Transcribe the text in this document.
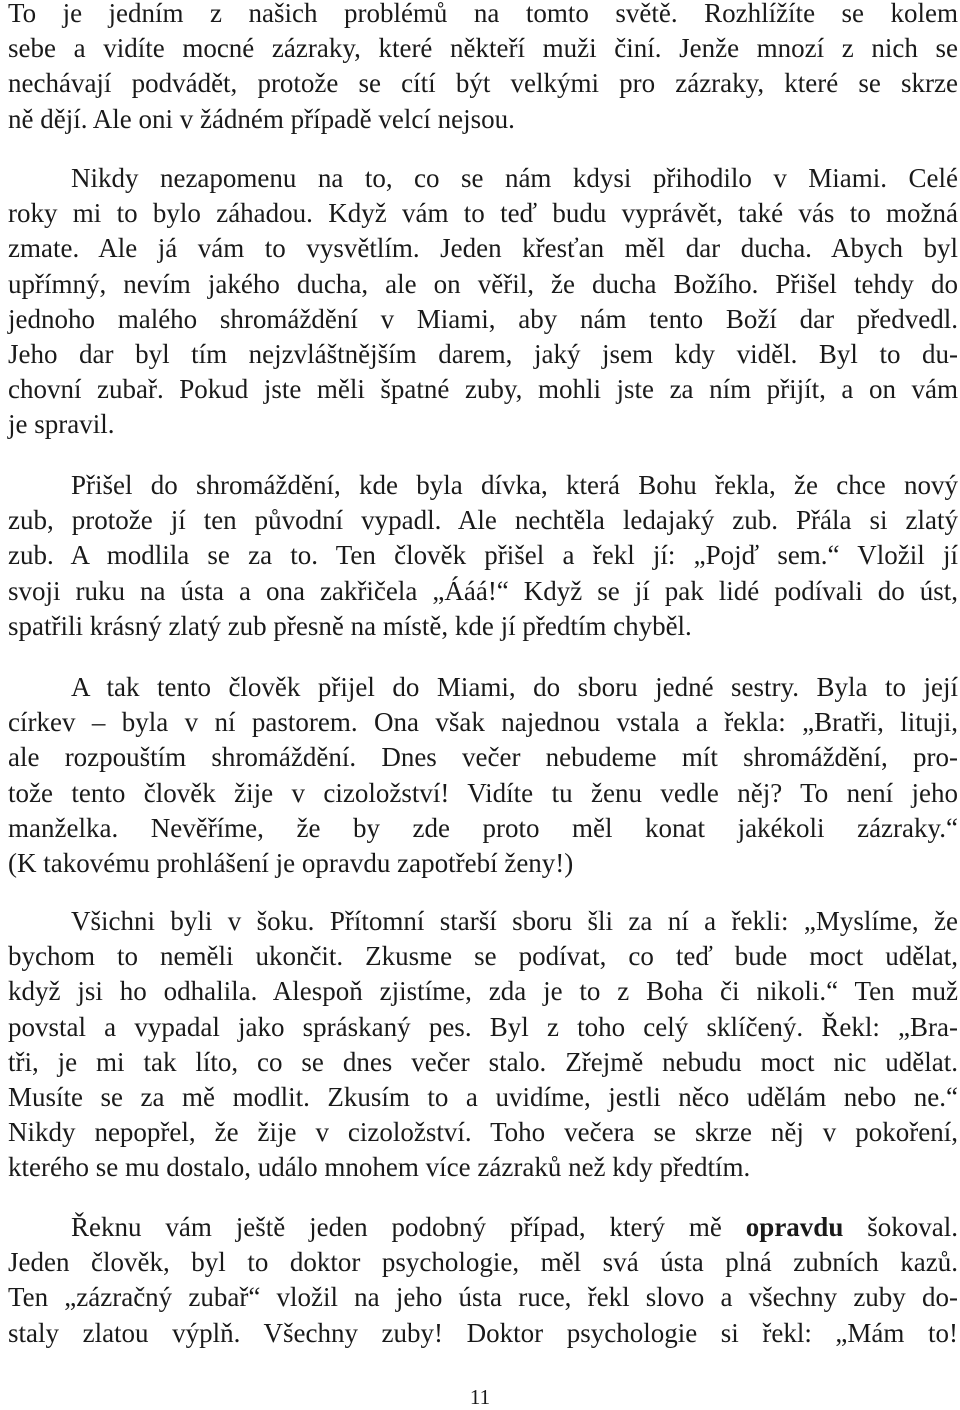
To je jedním z našich problémů na tomto světě. Rozhlížíte se kolem
sebe a vidíte mocné zázraky, které někteří muži činí. Jenže mnozí z nich se
nechávají podvádět, protože se cítí být velkými pro zázraky, které se skrze
ně dějí. Ale oni v žádném případě velcí nejsou.
Nikdy nezapomenu na to, co se nám kdysi přihodilo v Miami. Celé
roky mi to bylo záhadou. Když vám to teď budu vyprávět, také vás to možná
zmate. Ale já vám to vysvětlím. Jeden křesťan měl dar ducha. Abych byl
upřímný, nevím jakého ducha, ale on věřil, že ducha Božího. Přišel tehdy do
jednoho malého shromáždění v Miami, aby nám tento Boží dar předvedl.
Jeho dar byl tím nejzvláštnějším darem, jaký jsem kdy viděl. Byl to du-
chovní zubař. Pokud jste měli špatné zuby, mohli jste za ním přijít, a on vám
je spravil.
Přišel do shromáždění, kde byla dívka, která Bohu řekla, že chce nový
zub, protože jí ten původní vypadl. Ale nechtěla ledajaký zub. Přála si zlatý
zub. A modlila se za to. Ten člověk přišel a řekl jí: „Pojď sem.“ Vložil jí
svoji ruku na ústa a ona zakřičela „Ááá!“ Když se jí pak lidé podívali do úst,
spatřili krásný zlatý zub přesně na místě, kde jí předtím chyběl.
A tak tento člověk přijel do Miami, do sboru jedné sestry. Byla to její
církev – byla v ní pastorem. Ona však najednou vstala a řekla: „Bratři, lituji,
ale rozpouštím shromáždění. Dnes večer nebudeme mít shromáždění, pro-
tože tento člověk žije v cizoložství! Vidíte tu ženu vedle něj? To není jeho
manželka. Nevěříme, že by zde proto měl konat jakékoli zázraky.“
(K takovému prohlášení je opravdu zapotřebí ženy!)
Všichni byli v šoku. Přítomní starší sboru šli za ní a řekli: „Myslíme, že
bychom to neměli ukončit. Zkusme se podívat, co teď bude moct udělat,
když jsi ho odhalila. Alespoň zjistíme, zda je to z Boha či nikoli.“ Ten muž
povstal a vypadal jako spráskaný pes. Byl z toho celý sklíčený. Řekl: „Bra-
tři, je mi tak líto, co se dnes večer stalo. Zřejmě nebudu moct nic udělat.
Musíte se za mě modlit. Zkusím to a uvidíme, jestli něco udělám nebo ne.“
Nikdy nepopřel, že žije v cizoložství. Toho večera se skrze něj v pokoření,
kterého se mu dostalo, událo mnohem více zázraků než kdy předtím.
Řeknu vám ještě jeden podobný případ, který mě opravdu šokoval.
Jeden člověk, byl to doktor psychologie, měl svá ústa plná zubních kazů.
Ten „zázračný zubař“ vložil na jeho ústa ruce, řekl slovo a všechny zuby do-
staly zlatou výplň. Všechny zuby! Doktor psychologie si řekl: „Mám to!
11
